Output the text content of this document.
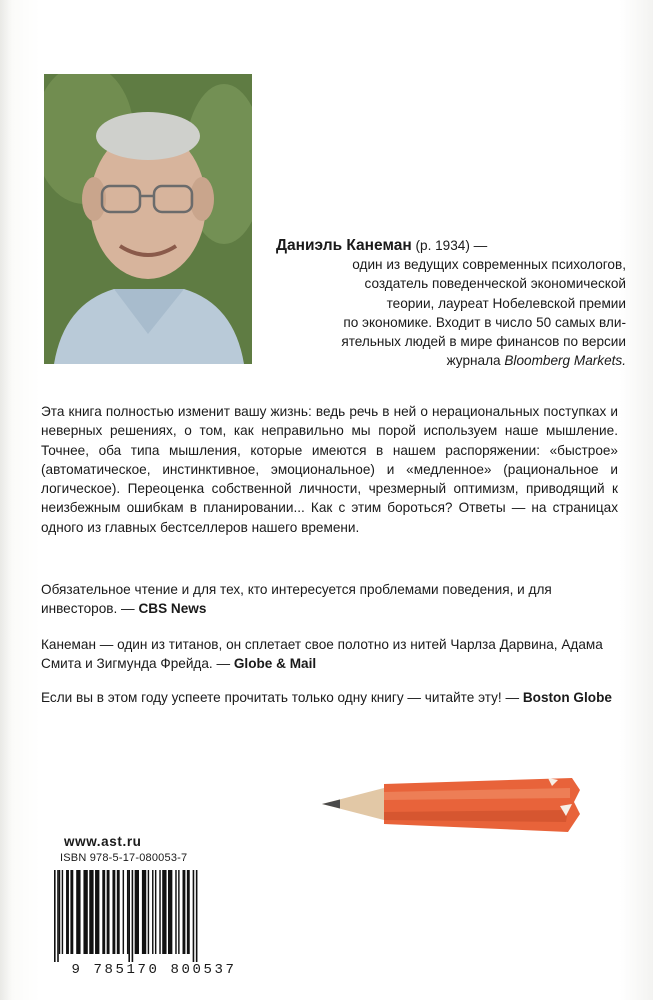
Даниэль Канеман (р. 1934) —
один из ведущих современных психологов,
создатель поведенческой экономической
теории, лауреат Нобелевской премии
по экономике. Входит в число 50 самых вли-
ятельных людей в мире финансов по версии
журнала Bloomberg Markets.

Эта книга полностью изменит вашу жизнь: ведь речь в ней о нерациональных поступках и неверных решениях, о том, как неправильно мы порой используем наше мышление. Точнее, оба типа мышления, которые имеются в нашем распоряжении: «быстрое» (автоматическое, инстинктивное, эмоциональное) и «медленное» (рациональное и логическое). Переоценка собственной личности, чрезмерный оптимизм, приводящий к неизбежным ошибкам в планировании... Как с этим бороться? Ответы — на страницах одного из главных бестселлеров нашего времени.

Обязательное чтение и для тех, кто интересуется проблемами поведения, и для инвесторов. — CBS News

Канеман — один из титанов, он сплетает свое полотно из нитей Чарлза Дарвина, Адама Смита и Зигмунда Фрейда. — Globe & Mail

Если вы в этом году успеете прочитать только одну книгу — читайте эту! — Boston Globe

www.ast.ru
ISBN 978-5-17-080053-7
9 785170 800537
